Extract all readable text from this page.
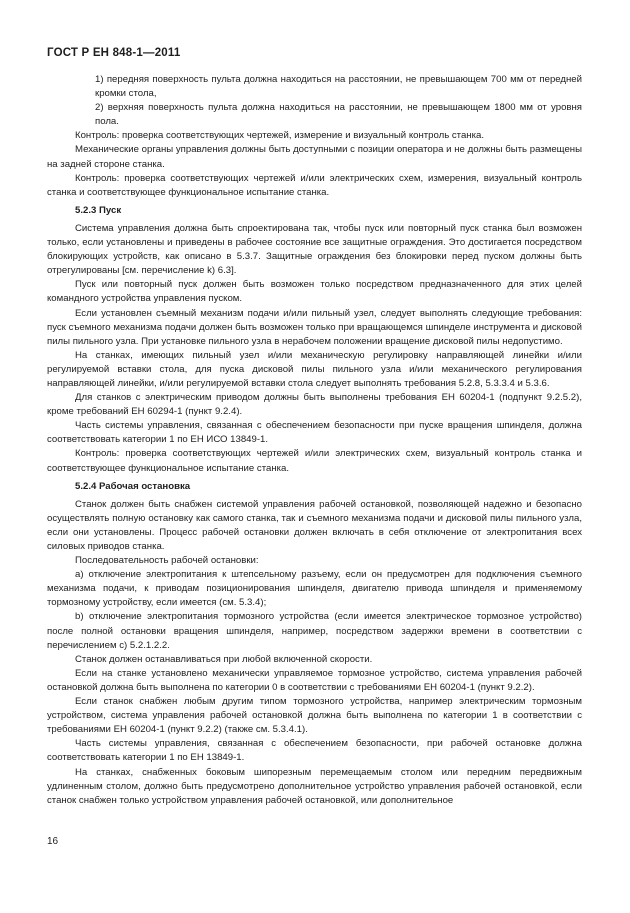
ГОСТ Р ЕН 848-1—2011

1) передняя поверхность пульта должна находиться на расстоянии, не превышающем 700 мм от передней кромки стола,

2) верхняя поверхность пульта должна находиться на расстоянии, не превышающем 1800 мм от уровня пола.

Контроль: проверка соответствующих чертежей, измерение и визуальный контроль станка.

Механические органы управления должны быть доступными с позиции оператора и не должны быть размещены на задней стороне станка.

Контроль: проверка соответствующих чертежей и/или электрических схем, измерения, визуальный контроль станка и соответствующее функциональное испытание станка.

5.2.3 Пуск

Система управления должна быть спроектирована так, чтобы пуск или повторный пуск станка был возможен только, если установлены и приведены в рабочее состояние все защитные ограждения. Это достигается посредством блокирующих устройств, как описано в 5.3.7. Защитные ограждения без блокировки перед пуском должны быть отрегулированы [см. перечисление k) 6.3].

Пуск или повторный пуск должен быть возможен только посредством предназначенного для этих целей командного устройства управления пуском.

Если установлен съемный механизм подачи и/или пильный узел, следует выполнять следующие требования: пуск съемного механизма подачи должен быть возможен только при вращающемся шпинделе инструмента и дисковой пилы пильного узла. При установке пильного узла в нерабочем положении вращение дисковой пилы недопустимо.

На станках, имеющих пильный узел и/или механическую регулировку направляющей линейки и/или регулируемой вставки стола, для пуска дисковой пилы пильного узла и/или механического регулирования направляющей линейки, и/или регулируемой вставки стола следует выполнять требования 5.2.8, 5.3.3.4 и 5.3.6.

Для станков с электрическим приводом должны быть выполнены требования ЕН 60204-1 (подпункт 9.2.5.2), кроме требований ЕН 60294-1 (пункт 9.2.4).

Часть системы управления, связанная с обеспечением безопасности при пуске вращения шпинделя, должна соответствовать категории 1 по ЕН ИСО 13849-1.

Контроль: проверка соответствующих чертежей и/или электрических схем, визуальный контроль станка и соответствующее функциональное испытание станка.

5.2.4 Рабочая остановка

Станок должен быть снабжен системой управления рабочей остановкой, позволяющей надежно и безопасно осуществлять полную остановку как самого станка, так и съемного механизма подачи и дисковой пилы пильного узла, если они установлены. Процесс рабочей остановки должен включать в себя отключение от электропитания всех силовых приводов станка.

Последовательность рабочей остановки:

a) отключение электропитания к штепсельному разъему, если он предусмотрен для подключения съемного механизма подачи, к приводам позиционирования шпинделя, двигателю привода шпинделя и применяемому тормозному устройству, если имеется (см. 5.3.4);

b) отключение электропитания тормозного устройства (если имеется электрическое тормозное устройство) после полной остановки вращения шпинделя, например, посредством задержки времени в соответствии с перечислением c) 5.2.1.2.2.

Станок должен останавливаться при любой включенной скорости.

Если на станке установлено механически управляемое тормозное устройство, система управления рабочей остановкой должна быть выполнена по категории 0 в соответствии с требованиями ЕН 60204-1 (пункт 9.2.2).

Если станок снабжен любым другим типом тормозного устройства, например электрическим тормозным устройством, система управления рабочей остановкой должна быть выполнена по категории 1 в соответствии с требованиями ЕН 60204-1 (пункт 9.2.2) (также см. 5.3.4.1).

Часть системы управления, связанная с обеспечением безопасности, при рабочей остановке должна соответствовать категории 1 по ЕН 13849-1.

На станках, снабженных боковым шипорезным перемещаемым столом или передним передвижным удлиненным столом, должно быть предусмотрено дополнительное устройство управления рабочей остановкой, если станок снабжен только устройством управления рабочей остановкой, или дополнительное

16
